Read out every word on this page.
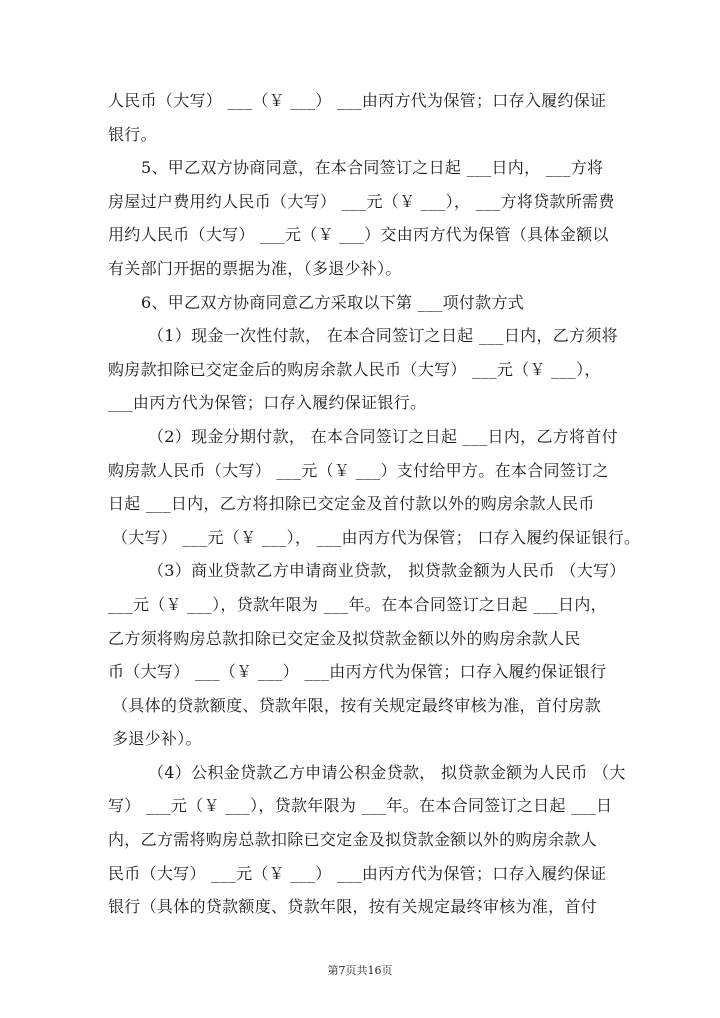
人民币（大写） ___（￥ ___） ___由丙方代为保管；口存入履约保证
银行。
5、甲乙双方协商同意，在本合同签订之日起 ___日内， ___方将
房屋过户费用约人民币（大写） ___元（￥ ___）， ___方将贷款所需费
用约人民币（大写） ___元（￥ ___）交由丙方代为保管（具体金额以
有关部门开据的票据为准，（多退少补）。
6、甲乙双方协商同意乙方采取以下第 ___项付款方式
（1）现金一次性付款， 在本合同签订之日起 ___日内，乙方须将
购房款扣除已交定金后的购房余款人民币（大写） ___元（￥ ___），
___由丙方代为保管；口存入履约保证银行。
（2）现金分期付款， 在本合同签订之日起 ___日内，乙方将首付
购房款人民币（大写） ___元（￥ ___）支付给甲方。在本合同签订之
日起 ___日内，乙方将扣除已交定金及首付款以外的购房余款人民币
（大写） ___元（￥ ___）， ___由丙方代为保管； 口存入履约保证银行。
（3）商业贷款乙方申请商业贷款， 拟贷款金额为人民币 （大写）
___元（￥ ___），贷款年限为 ___年。在本合同签订之日起 ___日内，
乙方须将购房总款扣除已交定金及拟贷款金额以外的购房余款人民
币（大写） ___（￥ ___） ___由丙方代为保管；口存入履约保证银行
（具体的贷款额度、贷款年限，按有关规定最终审核为准，首付房款
多退少补）。
（4）公积金贷款乙方申请公积金贷款， 拟贷款金额为人民币 （大
写） ___元（￥ ___），贷款年限为 ___年。在本合同签订之日起 ___日
内，乙方需将购房总款扣除已交定金及拟贷款金额以外的购房余款人
民币（大写） ___元（￥ ___） ___由丙方代为保管；口存入履约保证
银行（具体的贷款额度、贷款年限，按有关规定最终审核为准，首付
第7页共16页
